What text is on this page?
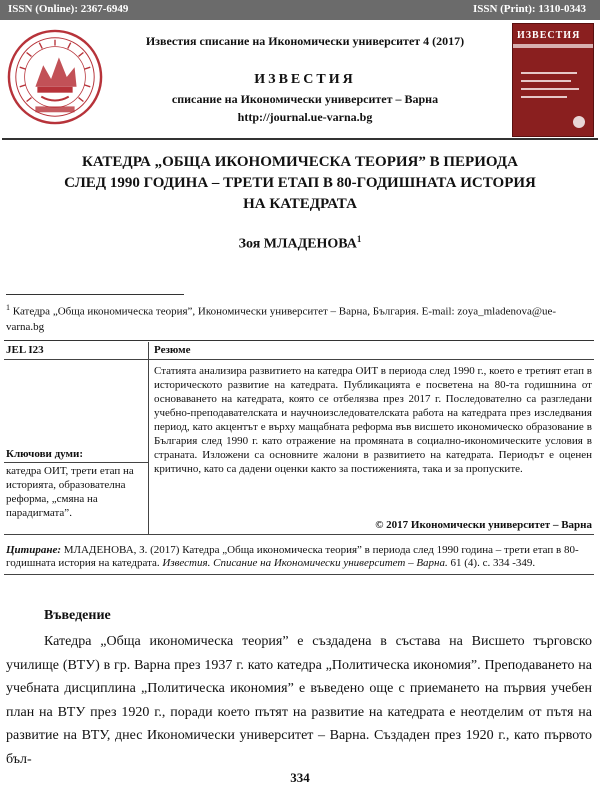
ISSN (Online): 2367-6949	ISSN (Print): 1310-0343
Известия списание на Икономически университет 4 (2017)
ИЗВЕСТИЯ
списание на Икономически университет – Варна
http://journal.ue-varna.bg
ИЗВЕСТИЯ
КАТЕДРА „ОБЩА ИКОНОМИЧЕСКА ТЕОРИЯ” В ПЕРИОДА
СЛЕД 1990 ГОДИНА – ТРЕТИ ЕТАП В 80-ГОДИШНАТА ИСТОРИЯ
НА КАТЕДРАТА
Зоя МЛАДЕНОВА$^1$
$^1$ Катедра „Обща икономическа теория”, Икономически университет – Варна, България. E-mail: zoya_mladenova@ue-varna.bg
JEL I23	Резюме
Статията анализира развитието на катедра ОИТ в периода след 1990 г., което е третият етап в историческото развитие на катедрата. Публикацията е посветена на 80-та годишнина от основаването на катедрата, която се отбелязва през 2017 г. Последователно са разгледани учебно-преподавателската и научноизследователската работа на катедрата през изследвания период, като акцентът е върху мащабната реформа във висшето икономическо образование в България след 1990 г. като отражение на промяната в социално-икономическите условия в страната. Изложени са основните жалони в развитието на катедрата. Периодът е оценен критично, като са дадени оценки както за постиженията, така и за пропуските.
Ключови думи:
катедра ОИТ, трети етап на историята, образователна реформа, „смяна на парадигмата”.
© 2017 Икономически университет – Варна
Цитиране: МЛАДЕНОВА, З. (2017) Катедра „Обща икономическа теория” в периода след 1990 година – трети етап в 80-годишната история на катедрата. Известия. Списание на Икономически университет – Варна. 61 (4). с. 334 -349.
Въведение
Катедра „Обща икономическа теория” е създадена в състава на Висшето търговско училище (ВТУ) в гр. Варна през 1937 г. като катедра „Политическа икономия”. Преподаването на учебната дисциплина „Политическа икономия” е въведено още с приемането на първия учебен план на ВТУ през 1920 г., поради което пътят на развитие на катедрата е неотделим от пътя на развитие на ВТУ, днес Икономически университет – Варна. Създаден през 1920 г., като първото бъл-
334
